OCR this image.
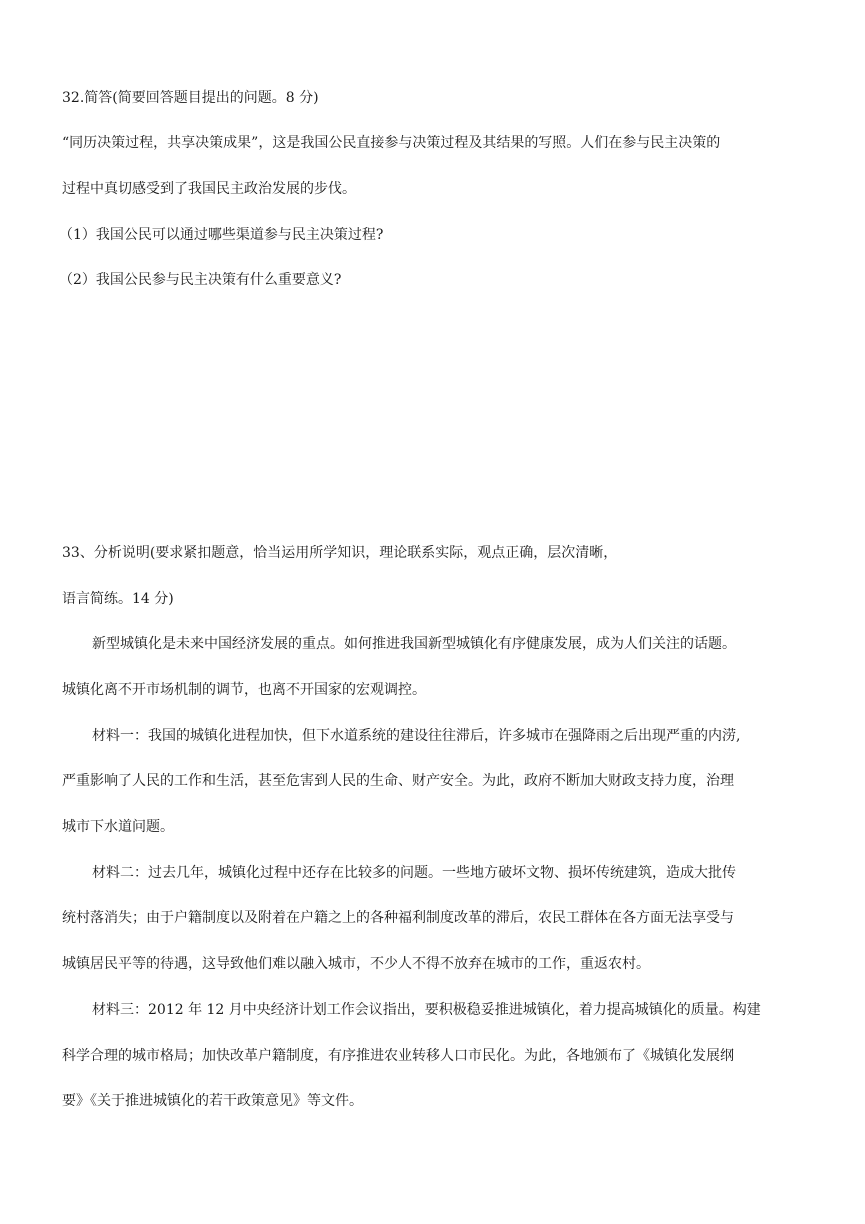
32.简答(简要回答题目提出的问题。8 分)
“同历决策过程，共享决策成果”，这是我国公民直接参与决策过程及其结果的写照。人们在参与民主决策的
过程中真切感受到了我国民主政治发展的步伐。
（1）我国公民可以通过哪些渠道参与民主决策过程?
（2）我国公民参与民主决策有什么重要意义?
33、分析说明(要求紧扣题意，恰当运用所学知识，理论联系实际，观点正确，层次清晰，
语言简练。14 分)
新型城镇化是未来中国经济发展的重点。如何推进我国新型城镇化有序健康发展，成为人们关注的话题。
城镇化离不开市场机制的调节，也离不开国家的宏观调控。
材料一：我国的城镇化进程加快，但下水道系统的建设往往滞后，许多城市在强降雨之后出现严重的内涝,
严重影响了人民的工作和生活，甚至危害到人民的生命、财产安全。为此，政府不断加大财政支持力度，治理
城市下水道问题。
材料二：过去几年，城镇化过程中还存在比较多的问题。一些地方破坏文物、损坏传统建筑，造成大批传
统村落消失；由于户籍制度以及附着在户籍之上的各种福利制度改革的滞后，农民工群体在各方面无法享受与
城镇居民平等的待遇，这导致他们难以融入城市，不少人不得不放弃在城市的工作，重返农村。
材料三：2012 年 12 月中央经济计划工作会议指出，要积极稳妥推进城镇化，着力提高城镇化的质量。构建
科学合理的城市格局；加快改革户籍制度，有序推进农业转移人口市民化。为此，各地颁布了《城镇化发展纲
要》《关于推进城镇化的若干政策意见》等文件。
